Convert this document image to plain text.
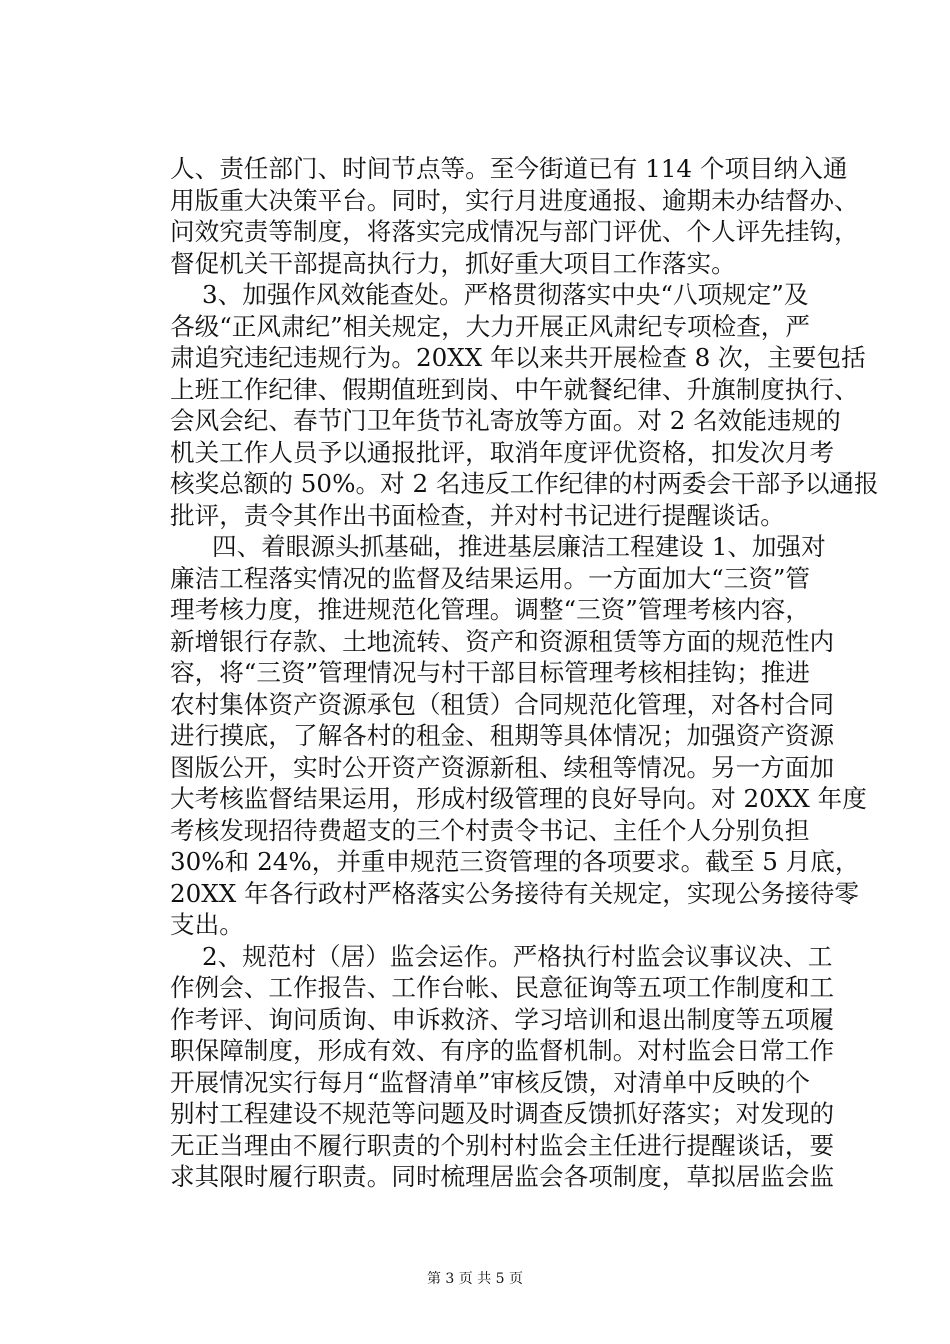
人、责任部门、时间节点等。至今街道已有 114 个项目纳入通
用版重大决策平台。同时，实行月进度通报、逾期未办结督办、
问效究责等制度，将落实完成情况与部门评优、个人评先挂钩，
督促机关干部提高执行力，抓好重大项目工作落实。
3、加强作风效能查处。严格贯彻落实中央“八项规定”及
各级“正风肃纪”相关规定，大力开展正风肃纪专项检查，严
肃追究违纪违规行为。20XX 年以来共开展检查 8 次，主要包括
上班工作纪律、假期值班到岗、中午就餐纪律、升旗制度执行、
会风会纪、春节门卫年货节礼寄放等方面。对 2 名效能违规的
机关工作人员予以通报批评，取消年度评优资格，扣发次月考
核奖总额的 50%。对 2 名违反工作纪律的村两委会干部予以通报
批评，责令其作出书面检查，并对村书记进行提醒谈话。
四、着眼源头抓基础，推进基层廉洁工程建设 1、加强对
廉洁工程落实情况的监督及结果运用。一方面加大“三资”管
理考核力度，推进规范化管理。调整“三资”管理考核内容，
新增银行存款、土地流转、资产和资源租赁等方面的规范性内
容，将“三资”管理情况与村干部目标管理考核相挂钩；推进
农村集体资产资源承包（租赁）合同规范化管理，对各村合同
进行摸底，了解各村的租金、租期等具体情况；加强资产资源
图版公开，实时公开资产资源新租、续租等情况。另一方面加
大考核监督结果运用，形成村级管理的良好导向。对 20XX 年度
考核发现招待费超支的三个村责令书记、主任个人分别负担
30%和 24%，并重申规范三资管理的各项要求。截至 5 月底，
20XX 年各行政村严格落实公务接待有关规定，实现公务接待零
支出。
2、规范村（居）监会运作。严格执行村监会议事议决、工
作例会、工作报告、工作台帐、民意征询等五项工作制度和工
作考评、询问质询、申诉救济、学习培训和退出制度等五项履
职保障制度，形成有效、有序的监督机制。对村监会日常工作
开展情况实行每月“监督清单”审核反馈，对清单中反映的个
别村工程建设不规范等问题及时调查反馈抓好落实；对发现的
无正当理由不履行职责的个别村村监会主任进行提醒谈话，要
求其限时履行职责。同时梳理居监会各项制度，草拟居监会监
第 3 页 共 5 页
